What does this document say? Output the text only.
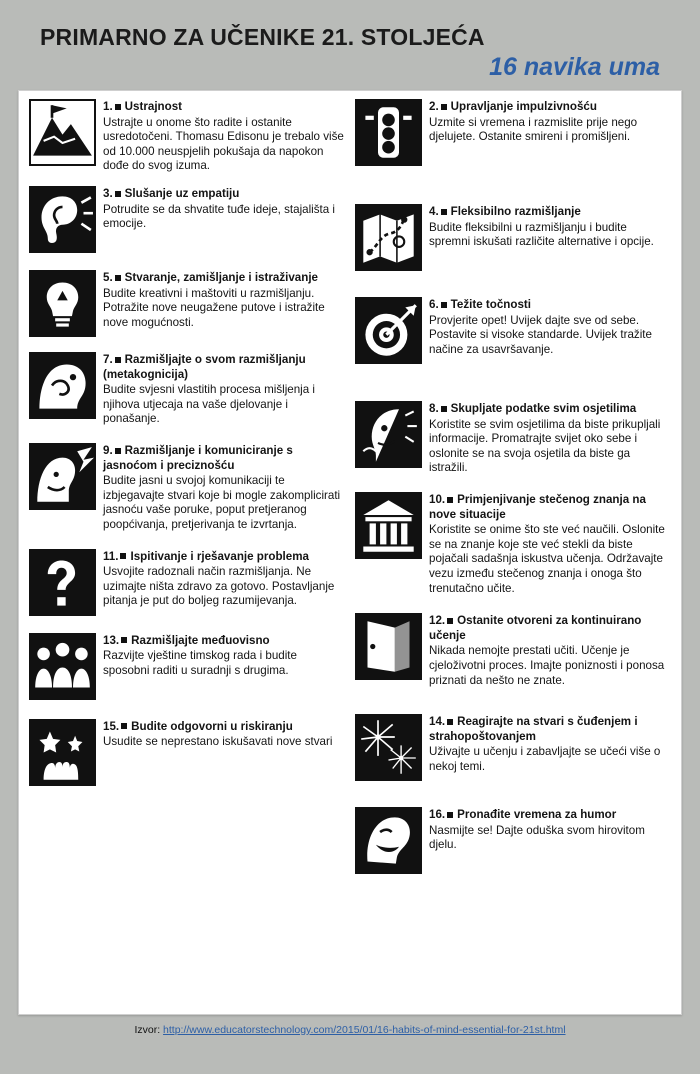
PRIMARNO ZA UČENIKE 21. STOLJEĆA
16 navika uma
1. Ustrajnost
Ustrajte u onome što radite i ostanite usredotočeni. Thomasu Edisonu je trebalo više od 10.000 neuspjelih pokušaja da napokon dođe do svog izuma.
3. Slušanje uz empatiju
Potrudite se da shvatite tuđe ideje, stajališta i emocije.
5. Stvaranje, zamišljanje i istraživanje
Budite kreativni i maštoviti u razmišljanju. Potražite nove neugažene putove i istražite nove mogućnosti.
7. Razmišljajte o svom razmišljanju (metakognicija)
Budite svjesni vlastitih procesa mišljenja i njihova utjecaja na vaše djelovanje i ponašanje.
9. Razmišljanje i komuniciranje s jasnoćom i preciznošću
Budite jasni u svojoj komunikaciji te izbjegavajte stvari koje bi mogle zakomplicirati jasnoću vaše poruke, poput pretjeranog poopćivanja, pretjerivanja te izvrtanja.
11. Ispitivanje i rješavanje problema
Usvojite radoznali način razmišljanja. Ne uzimajte ništa zdravo za gotovo. Postavljanje pitanja je put do boljeg razumijevanja.
13. Razmišljajte međuovisno
Razvijte vještine timskog rada i budite sposobni raditi u suradnji s drugima.
15. Budite odgovorni u riskiranju
Usudite se neprestano iskušavati nove stvari
2. Upravljanje impulzivnošću
Uzmite si vremena i razmislite prije nego djelujete. Ostanite smireni i promišljeni.
4. Fleksibilno razmišljanje
Budite fleksibilni u razmišljanju i budite spremni iskušati različite alternative i opcije.
6. Težite točnosti
Provjerite opet! Uvijek dajte sve od sebe. Postavite si visoke standarde. Uvijek tražite načine za usavršavanje.
8. Skupljate podatke svim osjetilima
Koristite se svim osjetilima da biste prikupljali informacije. Promatrajte svijet oko sebe i oslonite se na svoja osjetila da biste ga istražili.
10. Primjenjivanje stečenog znanja na nove situacije
Koristite se onime što ste već naučili. Oslonite se na znanje koje ste već stekli da biste pojačali sadašnja iskustva učenja. Održavajte vezu između stečenog znanja i onoga što trenutačno učite.
12. Ostanite otvoreni za kontinuirano učenje
Nikada nemojte prestati učiti. Učenje je cjeloživotni proces. Imajte poniznosti i ponosa priznati da nešto ne znate.
14. Reagirajte na stvari s čuđenjem i strahopoštovanjem
Uživajte u učenju i zabavljajte se učeći više o nekoj temi.
16. Pronađite vremena za humor
Nasmijte se! Dajte oduška svom hirovitom djelu.
Izvor: http://www.educatorstechnology.com/2015/01/16-habits-of-mind-essential-for-21st.html
